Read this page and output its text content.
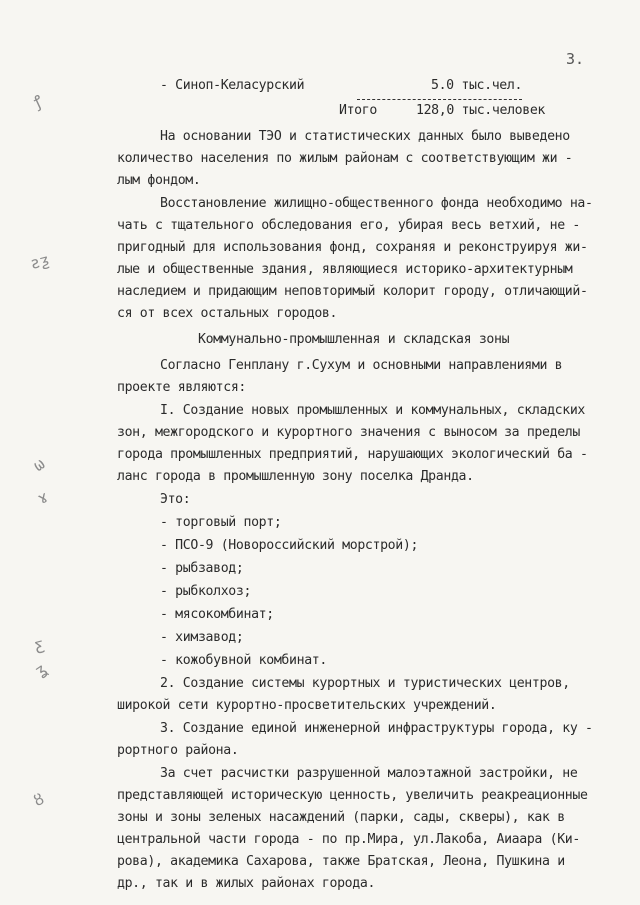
ꝭ
ƨƺ
ω
ɤ
ƹ
ʓ
ȣ
3.
- Синоп-Келасурский	5.0 тыс.чел.
Итого	128,0 тыс.человек
На основании ТЭО и статистических данных было выведено
количество населения по жилым районам с соответствующим жи -
лым фондом.
Восстановление жилищно-общественного фонда необходимо на-
чать с тщательного обследования его, убирая весь ветхий, не -
пригодный для использования фонд, сохраняя и реконструируя жи-
лые и общественные здания, являющиеся историко-архитектурным
наследием и придающим неповторимый колорит городу, отличающий-
ся от всех остальных городов.
Коммунально-промышленная и складская зоны
Согласно Генплану г.Сухум и основными направлениями в
проекте являются:
I. Создание новых промышленных и коммунальных, складских
зон, межгородского и курортного значения с выносом за пределы
города промышленных предприятий, нарушающих экологический ба -
ланс города в промышленную зону поселка Дранда.
Это:
- торговый порт;
- ПСО-9 (Новороссийский морстрой);
- рыбзавод;
- рыбколхоз;
- мясокомбинат;
- химзавод;
- кожобувной комбинат.
2. Создание системы курортных и туристических центров,
широкой сети курортно-просветительских учреждений.
3. Создание единой инженерной инфраструктуры города, ку -
рортного района.
За счет расчистки разрушенной малоэтажной застройки, не
представляющей историческую ценность, увеличить реакреационные
зоны и зоны зеленых насаждений (парки, сады, скверы), как в
центральной части города - по пр.Мира, ул.Лакоба, Аиаара (Ки-
рова), академика Сахарова, также Братская, Леона, Пушкина и
др., так и в жилых районах города.
